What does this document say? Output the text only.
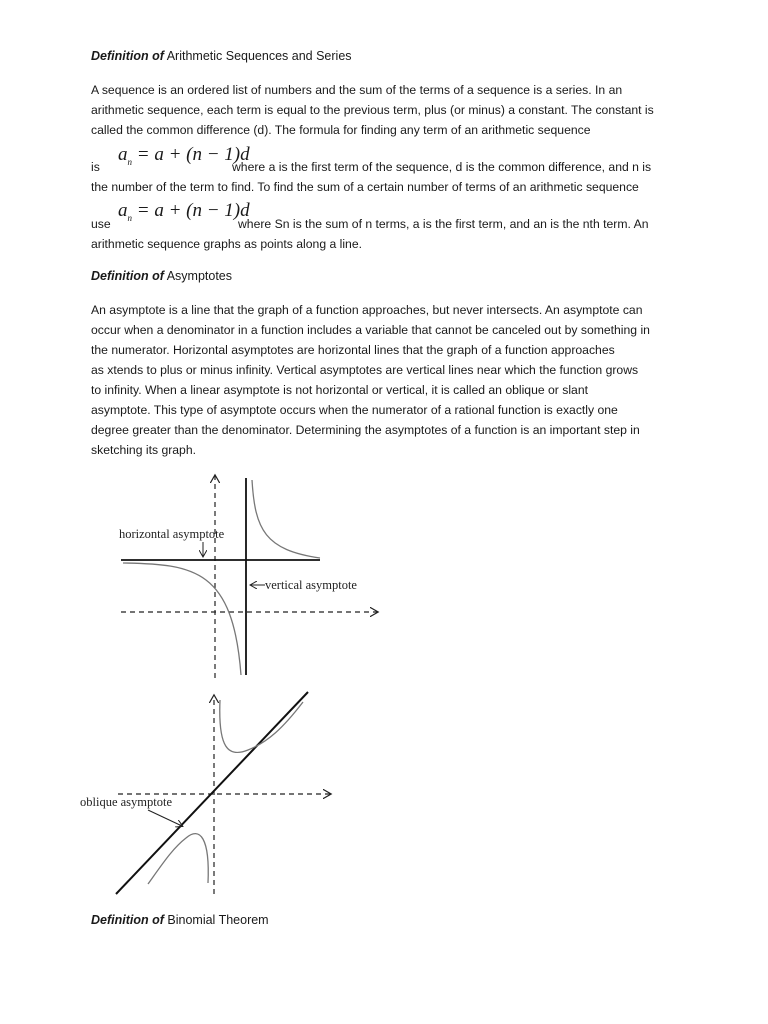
Definition of Arithmetic Sequences and Series

A sequence is an ordered list of numbers and the sum of the terms of a sequence is a series. In an

arithmetic sequence, each term is equal to the previous term, plus (or minus) a constant. The constant is

called the common difference (d). The formula for finding any term of an arithmetic sequence

is
$a_n = a + (n - 1)d$
where a is the first term of the sequence, d is the common difference, and n is
the number of the term to find. To find the sum of a certain number of terms of an arithmetic sequence
use
$a_n = a + (n - 1)d$
where Sn is the sum of n terms, a is the first term, and an is the nth term. An
arithmetic sequence graphs as points along a line.
Definition of Asymptotes

An asymptote is a line that the graph of a function approaches, but never intersects. An asymptote can

occur when a denominator in a function includes a variable that cannot be canceled out by something in

the numerator. Horizontal asymptotes are horizontal lines that the graph of a function approaches

as xtends to plus or minus infinity. Vertical asymptotes are vertical lines near which the function grows

to infinity. When a linear asymptote is not horizontal or vertical, it is called an oblique or slant

asymptote. This type of asymptote occurs when the numerator of a rational function is exactly one

degree greater than the denominator. Determining the asymptotes of a function is an important step in

sketching its graph.

horizontal asymptote
vertical asymptote
oblique asymptote
Definition of Binomial Theorem
